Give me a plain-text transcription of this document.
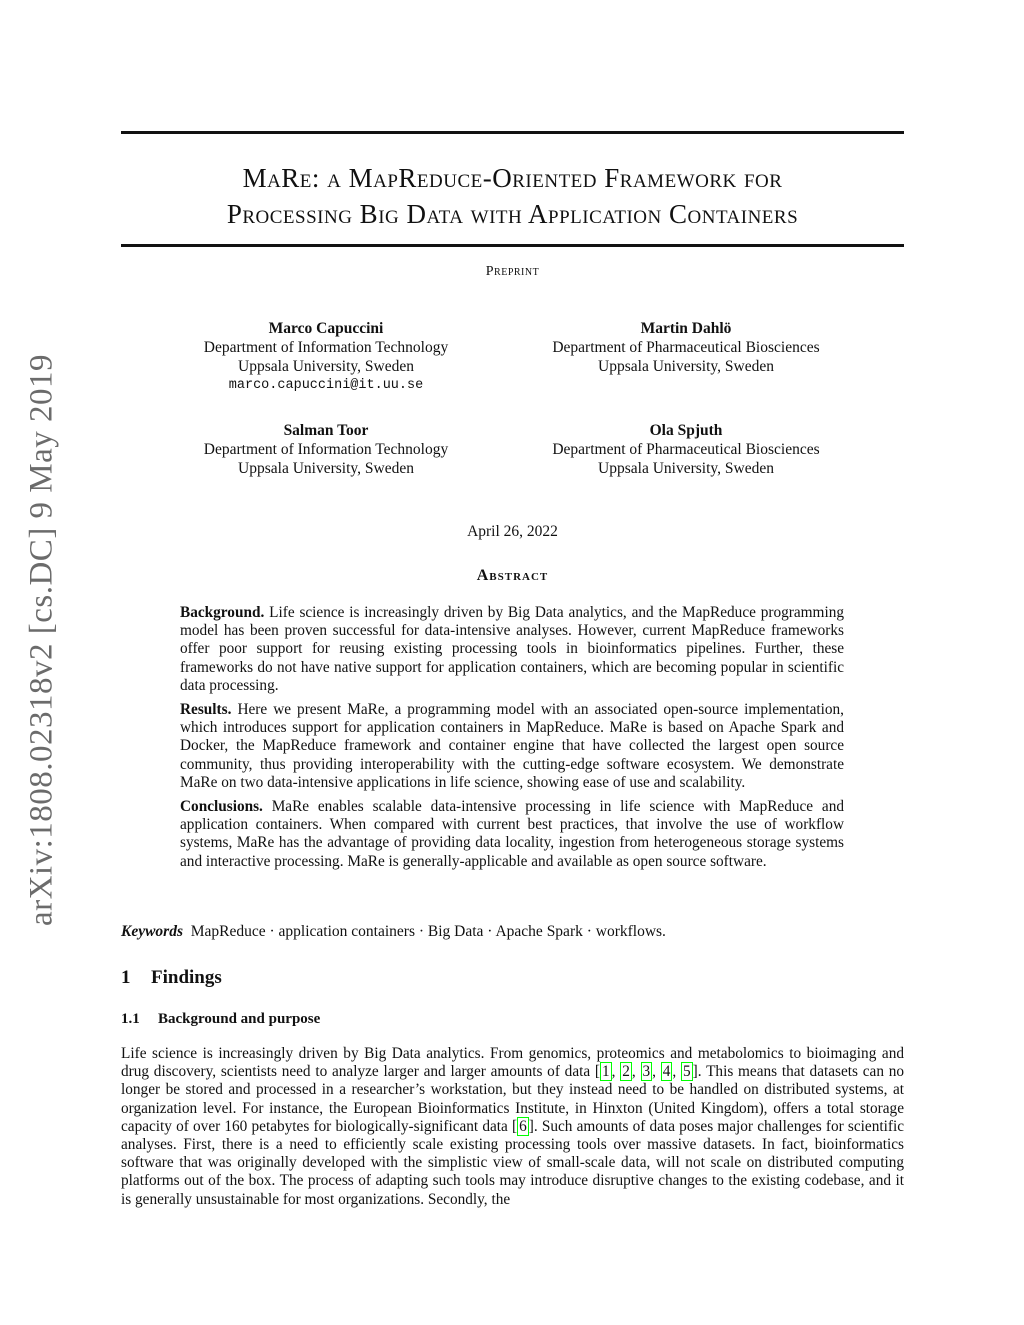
arXiv:1808.02318v2 [cs.DC] 9 May 2019
MaRe: a MapReduce-Oriented Framework for
Processing Big Data with Application Containers
Preprint
Marco Capuccini
Department of Information Technology
Uppsala University, Sweden
marco.capuccini@it.uu.se
Martin Dahlö
Department of Pharmaceutical Biosciences
Uppsala University, Sweden
Salman Toor
Department of Information Technology
Uppsala University, Sweden
Ola Spjuth
Department of Pharmaceutical Biosciences
Uppsala University, Sweden
April 26, 2022
Abstract

Background. Life science is increasingly driven by Big Data analytics, and the MapReduce programming model has been proven successful for data-intensive analyses. However, current MapReduce frameworks offer poor support for reusing existing processing tools in bioinformatics pipelines. Further, these frameworks do not have native support for application containers, which are becoming popular in scientific data processing.

Results. Here we present MaRe, a programming model with an associated open-source implementation, which introduces support for application containers in MapReduce. MaRe is based on Apache Spark and Docker, the MapReduce framework and container engine that have collected the largest open source community, thus providing interoperability with the cutting-edge software ecosystem. We demonstrate MaRe on two data-intensive applications in life science, showing ease of use and scalability.

Conclusions. MaRe enables scalable data-intensive processing in life science with MapReduce and application containers. When compared with current best practices, that involve the use of workflow systems, MaRe has the advantage of providing data locality, ingestion from heterogeneous storage systems and interactive processing. MaRe is generally-applicable and available as open source software.

Keywords MapReduce · application containers · Big Data · Apache Spark · workflows.
1 Findings
1.1 Background and purpose

Life science is increasingly driven by Big Data analytics. From genomics, proteomics and metabolomics to bioimaging and drug discovery, scientists need to analyze larger and larger amounts of data [ 1 , 2 , 3 , 4 , 5 ]. This means that datasets can no longer be stored and processed in a researcher’s workstation, but they instead need to be handled on distributed systems, at organization level. For instance, the European Bioinformatics Institute, in Hinxton (United Kingdom), offers a total storage capacity of over 160 petabytes for biologically-significant data [ 6 ]. Such amounts of data poses major challenges for scientific analyses. First, there is a need to efficiently scale existing processing tools over massive datasets. In fact, bioinformatics software that was originally developed with the simplistic view of small-scale data, will not scale on distributed computing platforms out of the box. The process of adapting such tools may introduce disruptive changes to the existing codebase, and it is generally unsustainable for most organizations. Secondly, the
